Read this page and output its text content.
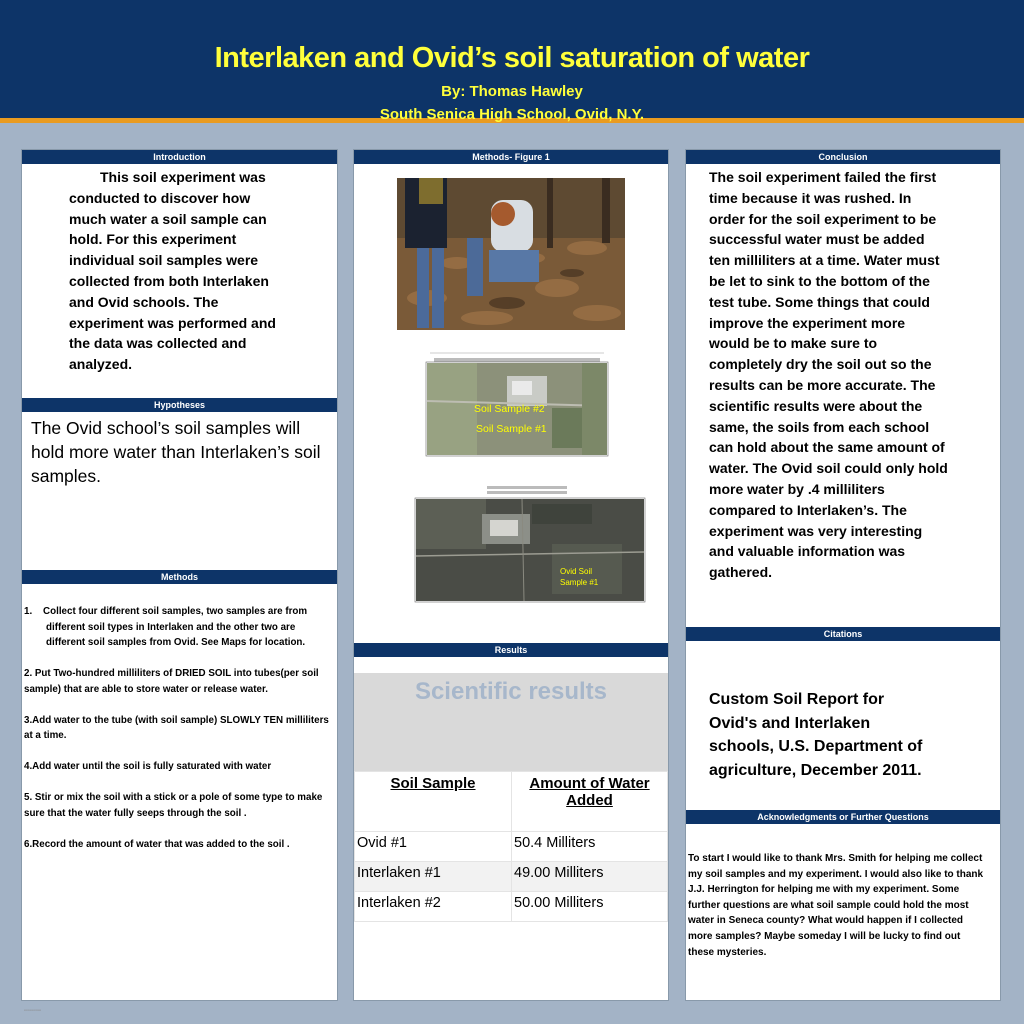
Interlaken and Ovid’s soil saturation of water
By: Thomas Hawley
South Senica High School, Ovid, N.Y.
Introduction
This soil experiment was conducted to discover how much water a soil sample can hold. For this experiment individual soil samples were collected from both Interlaken and Ovid schools. The experiment was performed and the data was collected and analyzed.
Hypotheses
The Ovid school’s soil samples will hold more water than Interlaken’s soil samples.
Methods
1.    Collect four different soil samples, two samples are from different soil types in Interlaken and the other two are different soil samples from Ovid. See Maps for location.
2. Put Two-hundred milliliters of DRIED SOIL into tubes(per soil sample) that are able to store water or release water.
3.Add water to the tube (with soil sample) SLOWLY TEN milliliters at a time.
4.Add water until the soil is fully saturated with water
5. Stir or mix the soil with a stick or a pole of some type to make sure that the water fully seeps through the soil .
6.Record the amount of water that was added to the soil .
▪▪▪▪▪▪▪▪▪▪▪▪▪▪▪▪
Methods- Figure 1
Soil Sample #2
Soil Sample #1
Ovid Soil
Sample #1
Results
Scientific results
Soil Sample	Amount of Water Added
Ovid #1	50.4 Milliters
Interlaken #1	49.00 Milliters
Interlaken #2	50.00 Milliters
Conclusion
The soil experiment failed the first time because it was rushed. In order for the soil experiment to be successful water must be added ten milliliters at a time. Water must be let to sink to the bottom of the test tube. Some things that could improve the experiment more would be to make sure to completely dry the soil out so the results can be more accurate. The scientific results were about the same, the soils from each school can hold about the same amount of water. The Ovid soil could only hold more water by .4 milliliters compared to Interlaken’s. The experiment was very interesting and valuable information was gathered.
Citations
Custom Soil Report for Ovid's and Interlaken schools, U.S. Department of agriculture, December 2011.
Acknowledgments or Further Questions
To start I would like to thank Mrs. Smith for helping me collect my soil samples and my experiment. I would also like to thank J.J. Herrington for helping me with my experiment. Some further questions are what soil sample could hold the most water in Seneca county? What would happen if I collected more samples? Maybe someday I will be lucky to find out these mysteries.
